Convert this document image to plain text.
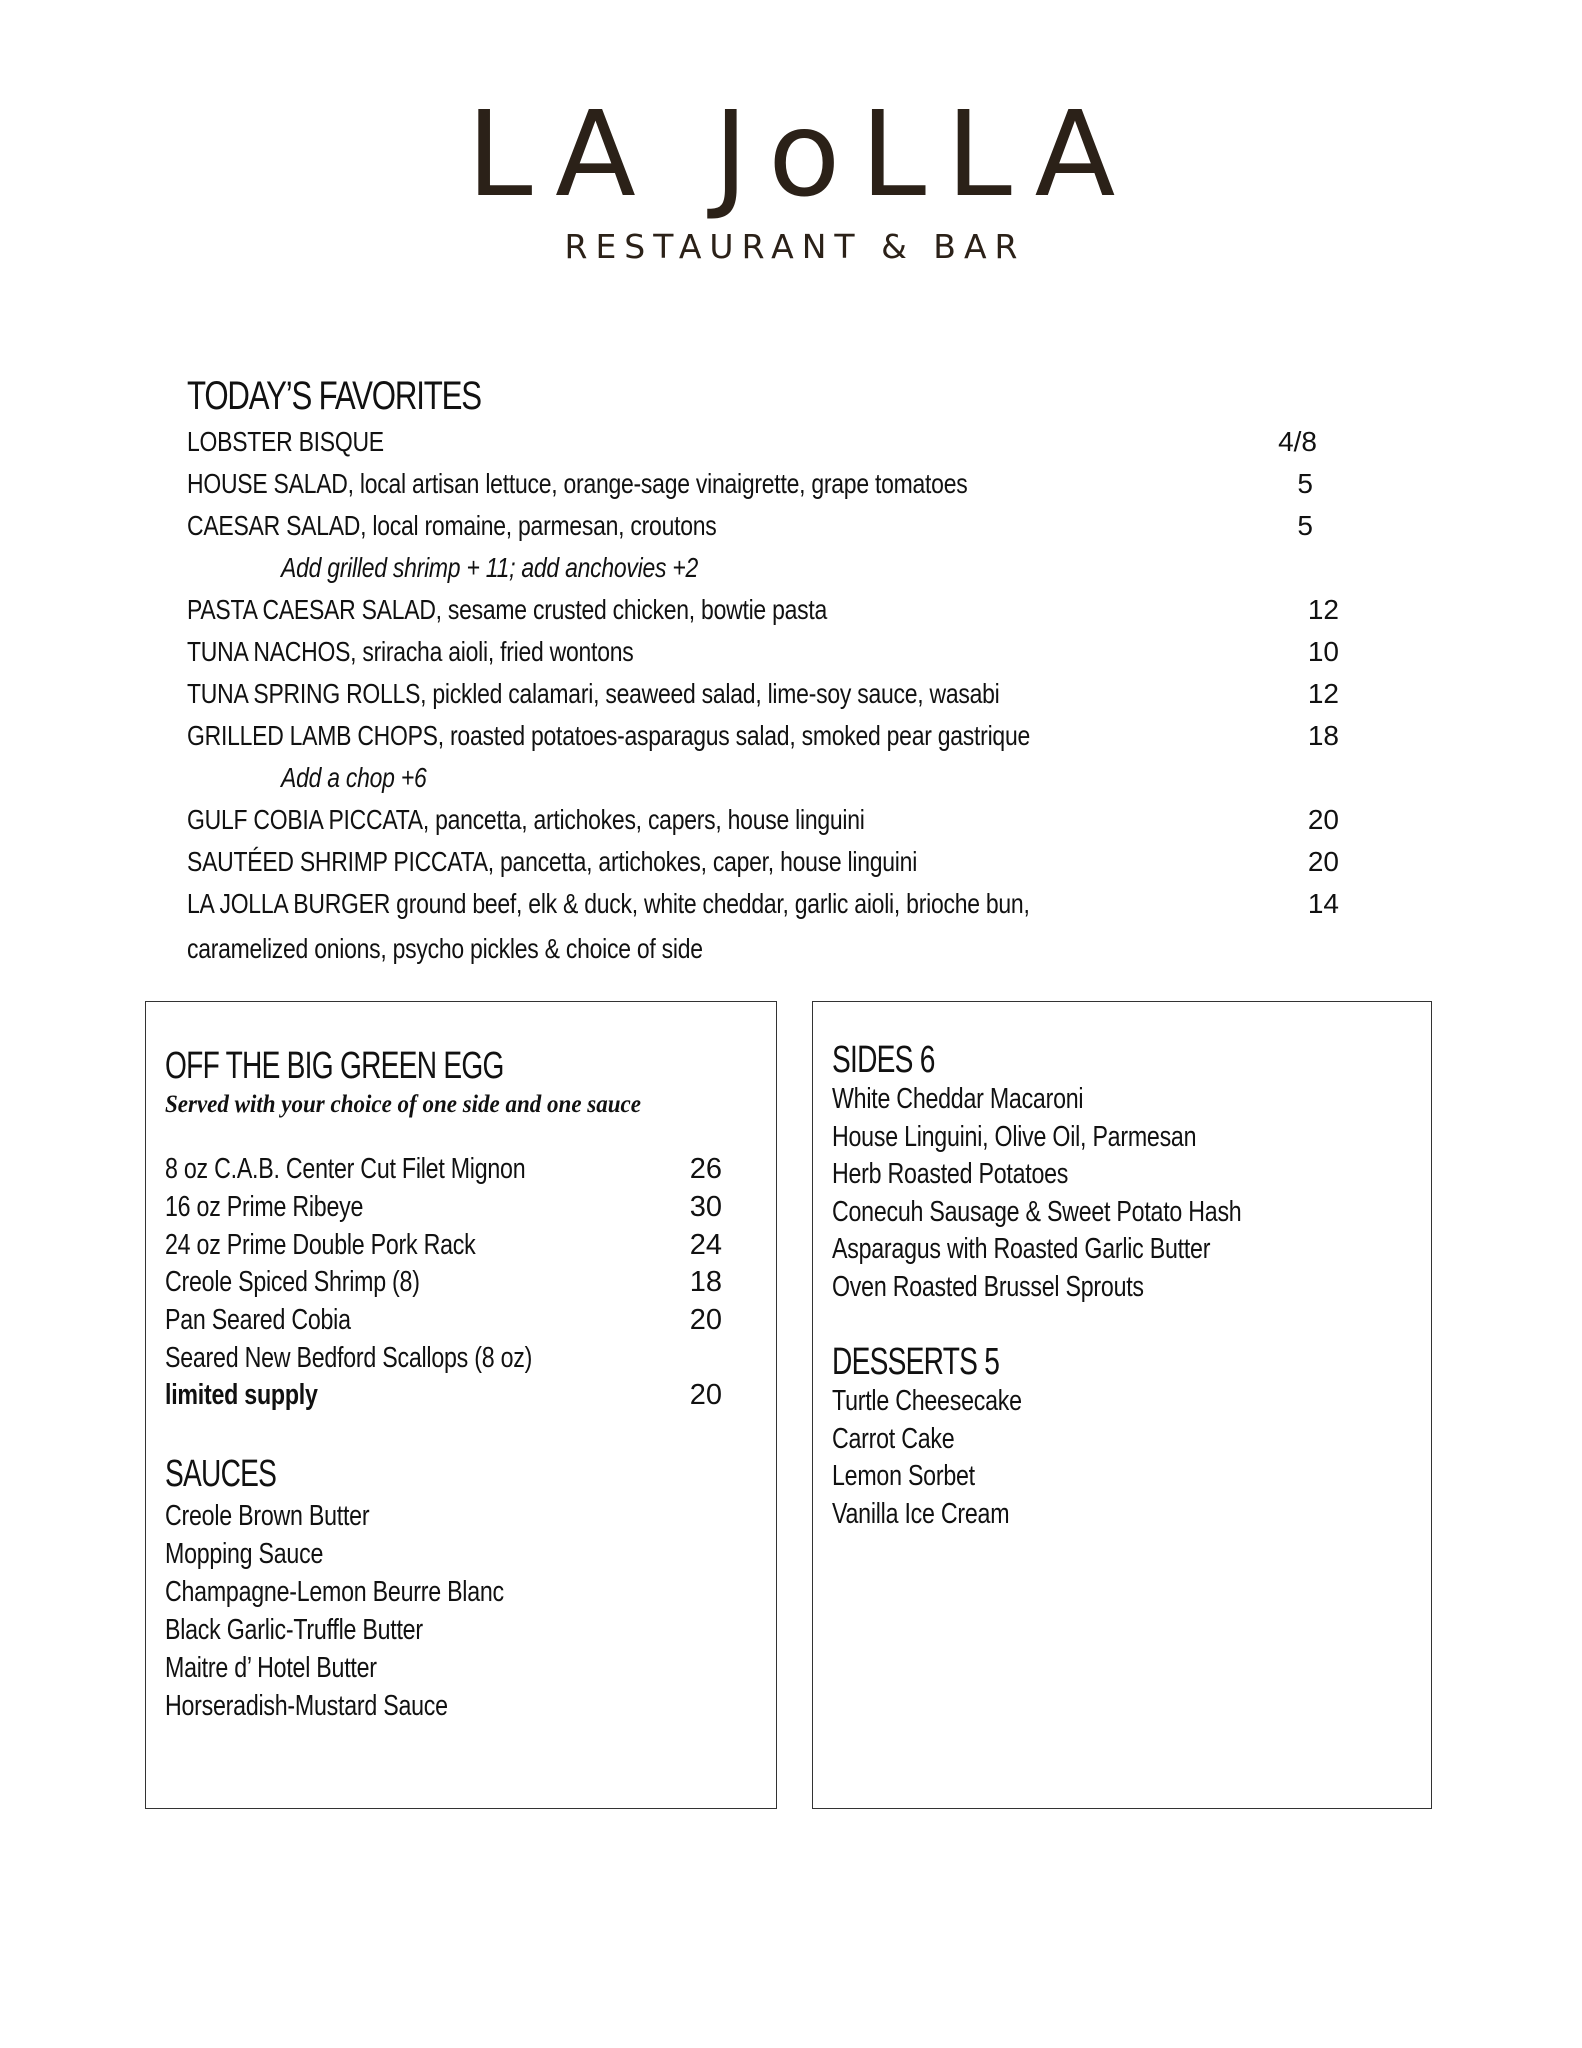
LA JoLLA
RESTAURANT & BAR
TODAY’S FAVORITES
LOBSTER BISQUE	4/8
HOUSE SALAD, local artisan lettuce, orange-sage vinaigrette, grape tomatoes	5
CAESAR SALAD, local romaine, parmesan, croutons	5
Add grilled shrimp + 11; add anchovies +2
PASTA CAESAR SALAD, sesame crusted chicken, bowtie pasta	12
TUNA NACHOS, sriracha aioli, fried wontons	10
TUNA SPRING ROLLS, pickled calamari, seaweed salad, lime-soy sauce, wasabi	12
GRILLED LAMB CHOPS, roasted potatoes-asparagus salad, smoked pear gastrique	18
Add a chop +6
GULF COBIA PICCATA, pancetta, artichokes, capers, house linguini	20
SAUTÉED SHRIMP PICCATA, pancetta, artichokes, caper, house linguini	20
LA JOLLA BURGER ground beef, elk & duck, white cheddar, garlic aioli, brioche bun,	14
caramelized onions, psycho pickles & choice of side
OFF THE BIG GREEN EGG
Served with your choice of one side and one sauce
8 oz C.A.B. Center Cut Filet Mignon	26
16 oz Prime Ribeye	30
24 oz Prime Double Pork Rack	24
Creole Spiced Shrimp (8)	18
Pan Seared Cobia	20
Seared New Bedford Scallops (8 oz)
limited supply	20
SAUCES
Creole Brown Butter
Mopping Sauce
Champagne-Lemon Beurre Blanc
Black Garlic-Truffle Butter
Maitre d’ Hotel Butter
Horseradish-Mustard Sauce
SIDES 6
White Cheddar Macaroni
House Linguini, Olive Oil, Parmesan
Herb Roasted Potatoes
Conecuh Sausage & Sweet Potato Hash
Asparagus with Roasted Garlic Butter
Oven Roasted Brussel Sprouts
DESSERTS 5
Turtle Cheesecake
Carrot Cake
Lemon Sorbet
Vanilla Ice Cream
